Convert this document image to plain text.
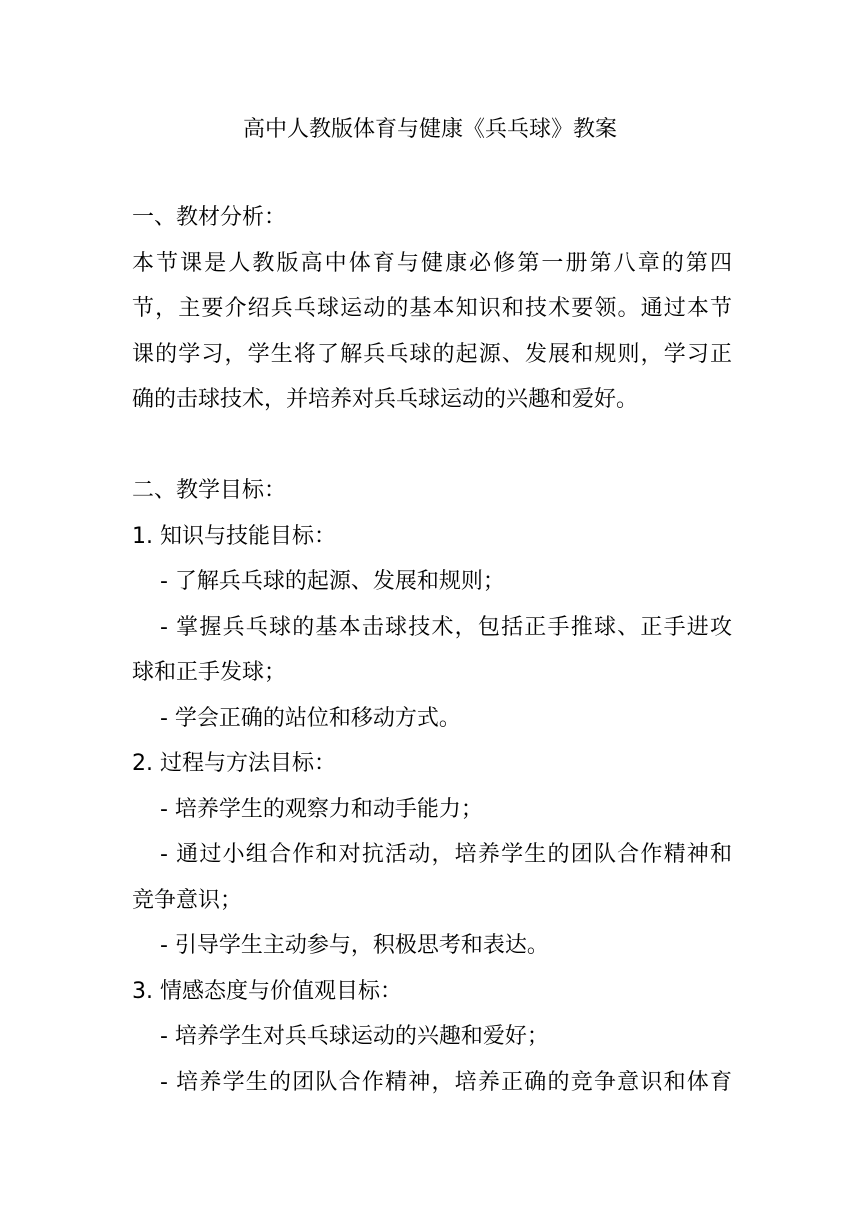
高中人教版体育与健康《兵乓球》教案
一、教材分析：
本节课是人教版高中体育与健康必修第一册第八章的第四
节，主要介绍兵乓球运动的基本知识和技术要领。通过本节
课的学习，学生将了解兵乓球的起源、发展和规则，学习正
确的击球技术，并培养对兵乓球运动的兴趣和爱好。
二、教学目标：
1. 知识与技能目标：
- 了解兵乓球的起源、发展和规则；
- 掌握兵乓球的基本击球技术，包括正手推球、正手进攻
球和正手发球；
- 学会正确的站位和移动方式。
2. 过程与方法目标：
- 培养学生的观察力和动手能力；
- 通过小组合作和对抗活动，培养学生的团队合作精神和
竞争意识；
- 引导学生主动参与，积极思考和表达。
3. 情感态度与价值观目标：
- 培养学生对兵乓球运动的兴趣和爱好；
- 培养学生的团队合作精神，培养正确的竞争意识和体育
